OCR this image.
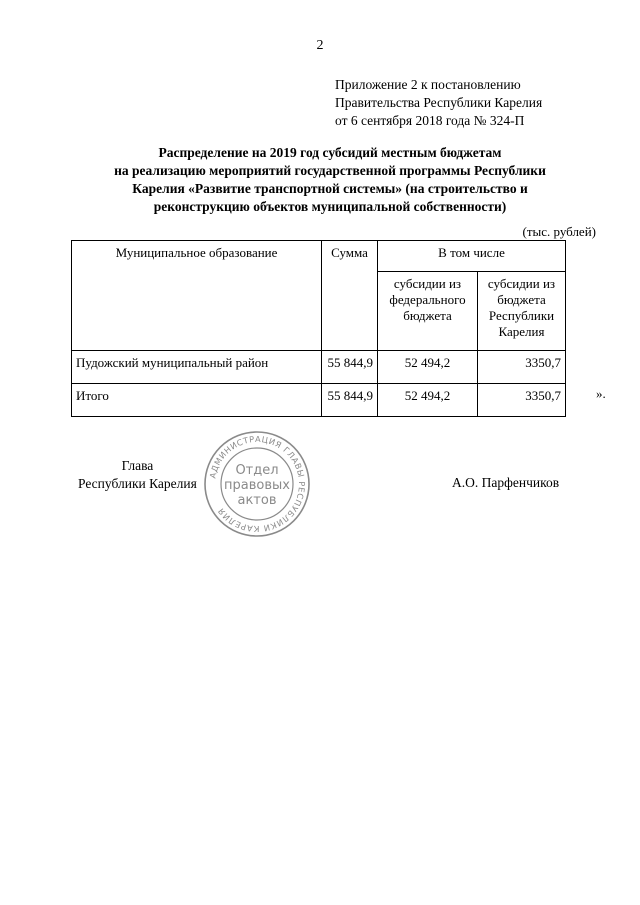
2
Приложение 2 к постановлению
Правительства Республики Карелия
от 6 сентября 2018 года № 324-П
Распределение на 2019 год субсидий местным бюджетам
на реализацию мероприятий государственной программы Республики
Карелия «Развитие транспортной системы» (на строительство и
реконструкцию объектов муниципальной собственности)
(тыс. рублей)
Муниципальное образование	Сумма	В том числе	
		субсидии из федерального бюджета	субсидии из бюджета Республики Карелия
Пудожский муниципальный район	55 844,9	52 494,2	3350,7
Итого	55 844,9	52 494,2	3350,7	».
Глава
Республики Карелия	А.О. Парфенчиков
АДМИНИСТРАЦИЯ ГЛАВЫ РЕСПУБЛИКИ КАРЕЛИЯ
Отдел
правовых
актов
